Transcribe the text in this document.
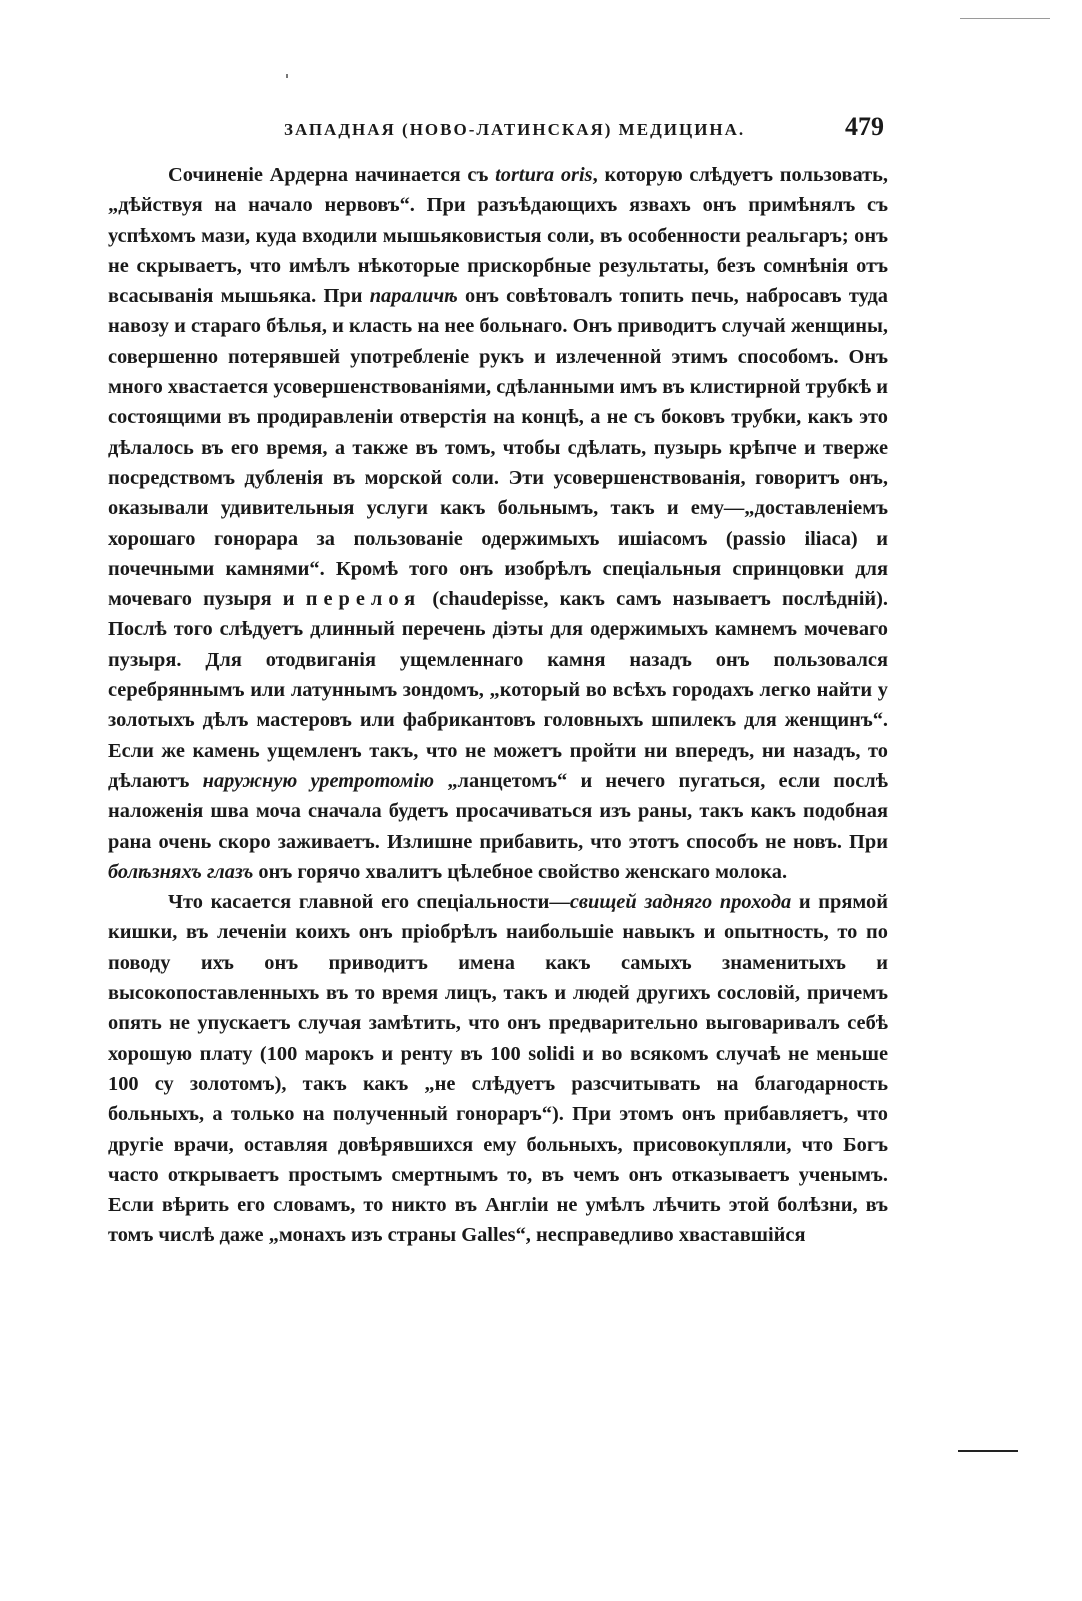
ЗАПАДНАЯ (НОВО-ЛАТИНСКАЯ) МЕДИЦИНА.	479

Сочиненіе Ардерна начинается съ tortura oris, которую слѣдуетъ пользовать, „дѣйствуя на начало нервовъ“. При разъѣдающихъ язвахъ онъ примѣнялъ съ успѣхомъ мази, куда входили мышьяковистыя соли, въ особенности реальгаръ; онъ не скрываетъ, что имѣлъ нѣкоторые прискорбные результаты, безъ сомнѣнія отъ всасыванія мышьяка. При параличѣ онъ совѣтовалъ топить печь, набросавъ туда навозу и стараго бѣлья, и класть на нее больнаго. Онъ приводитъ случай женщины, совершенно потерявшей употребленіе рукъ и излеченной этимъ способомъ. Онъ много хвастается усовершенствованіями, сдѣланными имъ въ клистирной трубкѣ и состоящими въ продиравленіи отверстія на концѣ, а не съ боковъ трубки, какъ это дѣлалось въ его время, а также въ томъ, чтобы сдѣлать, пузырь крѣпче и тверже посредствомъ дубленія въ морской соли. Эти усовершенствованія, говоритъ онъ, оказывали удивительныя услуги какъ больнымъ, такъ и ему—„доставленіемъ хорошаго гонорара за пользованіе одержимыхъ ишіасомъ (passio iliaca) и почечными камнями“. Кромѣ того онъ изобрѣлъ спеціальныя спринцовки для мочеваго пузыря и перелоя (chaudepisse, какъ самъ называетъ послѣдній). Послѣ того слѣдуетъ длинный перечень діэты для одержимыхъ камнемъ мочеваго пузыря. Для отодвиганія ущемленнаго камня назадъ онъ пользовался серебряннымъ или латуннымъ зондомъ, „который во всѣхъ городахъ легко найти у золотыхъ дѣлъ мастеровъ или фабрикантовъ головныхъ шпилекъ для женщинъ“. Если же камень ущемленъ такъ, что не можетъ пройти ни впередъ, ни назадъ, то дѣлаютъ наружную уретротомію „ланцетомъ“ и нечего пугаться, если послѣ наложенія шва моча сначала будетъ просачиваться изъ раны, такъ какъ подобная рана очень скоро заживаетъ. Излишне прибавить, что этотъ способъ не новъ. При болѣзняхъ глазъ онъ горячо хвалитъ цѣлебное свойство женскаго молока.

Что касается главной его спеціальности—свищей задняго прохода и прямой кишки, въ леченіи коихъ онъ пріобрѣлъ наибольшіе навыкъ и опытность, то по поводу ихъ онъ приводитъ имена какъ самыхъ знаменитыхъ и высокопоставленныхъ въ то время лицъ, такъ и людей другихъ сословій, причемъ опять не упускаетъ случая замѣтить, что онъ предварительно выговаривалъ себѣ хорошую плату (100 марокъ и ренту въ 100 solidi и во всякомъ случаѣ не меньше 100 су золотомъ), такъ какъ „не слѣдуетъ разсчитывать на благодарность больныхъ, а только на полученный гонораръ“). При этомъ онъ прибавляетъ, что другіе врачи, оставляя довѣрявшихся ему больныхъ, присовокупляли, что Богъ часто открываетъ простымъ смертнымъ то, въ чемъ онъ отказываетъ ученымъ. Если вѣрить его словамъ, то никто въ Англіи не умѣлъ лѣчить этой болѣзни, въ томъ числѣ даже „монахъ изъ страны Galles“, несправедливо хваставшійся
